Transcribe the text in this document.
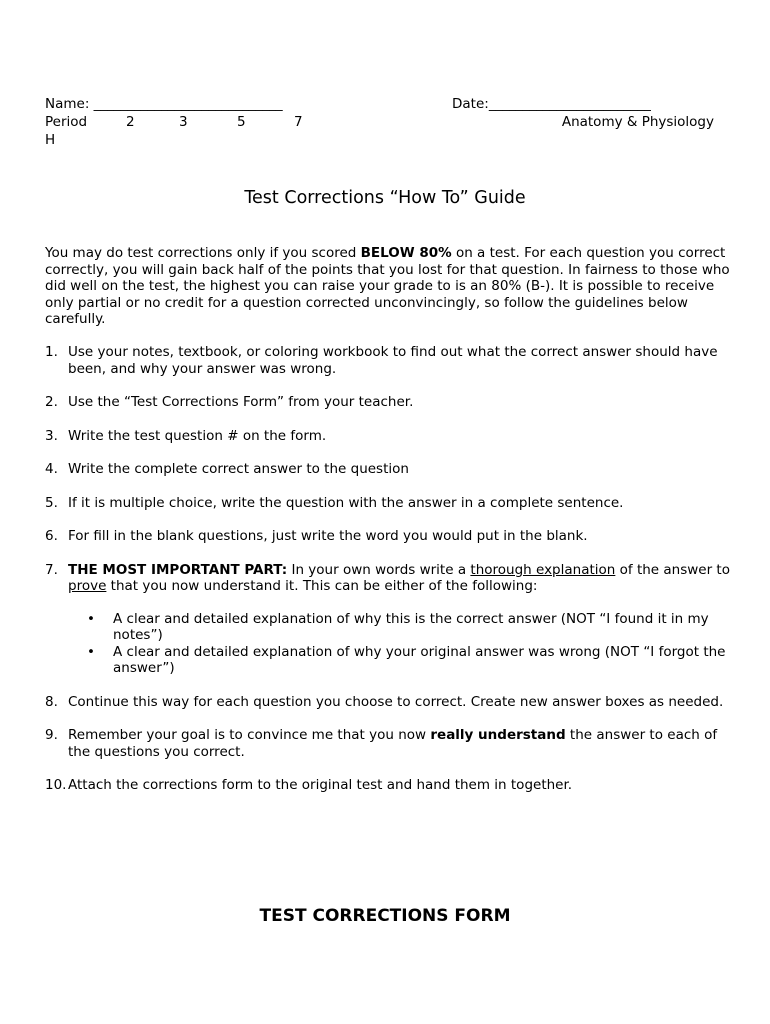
Name: ____________________________	Date:________________________
Period	2	3	5	7
H
Anatomy & Physiology
Test Corrections “How To” Guide

You may do test corrections only if you scored BELOW 80% on a test. For each question you correct correctly, you will gain back half of the points that you lost for that question. In fairness to those who did well on the test, the highest you can raise your grade to is an 80% (B-). It is possible to receive only partial or no credit for a question corrected unconvincingly, so follow the guidelines below carefully.

1. Use your notes, textbook, or coloring workbook to find out what the correct answer should have been, and why your answer was wrong.
2. Use the “Test Corrections Form” from your teacher.
3. Write the test question # on the form.
4. Write the complete correct answer to the question
5. If it is multiple choice, write the question with the answer in a complete sentence.
6. For fill in the blank questions, just write the word you would put in the blank.
7. THE MOST IMPORTANT PART: In your own words write a thorough explanation of the answer to prove that you now understand it. This can be either of the following:
• A clear and detailed explanation of why this is the correct answer (NOT “I found it in my notes”)
• A clear and detailed explanation of why your original answer was wrong (NOT “I forgot the answer”)
8. Continue this way for each question you choose to correct. Create new answer boxes as needed.
9. Remember your goal is to convince me that you now really understand the answer to each of the questions you correct.
10. Attach the corrections form to the original test and hand them in together.
TEST CORRECTIONS FORM
